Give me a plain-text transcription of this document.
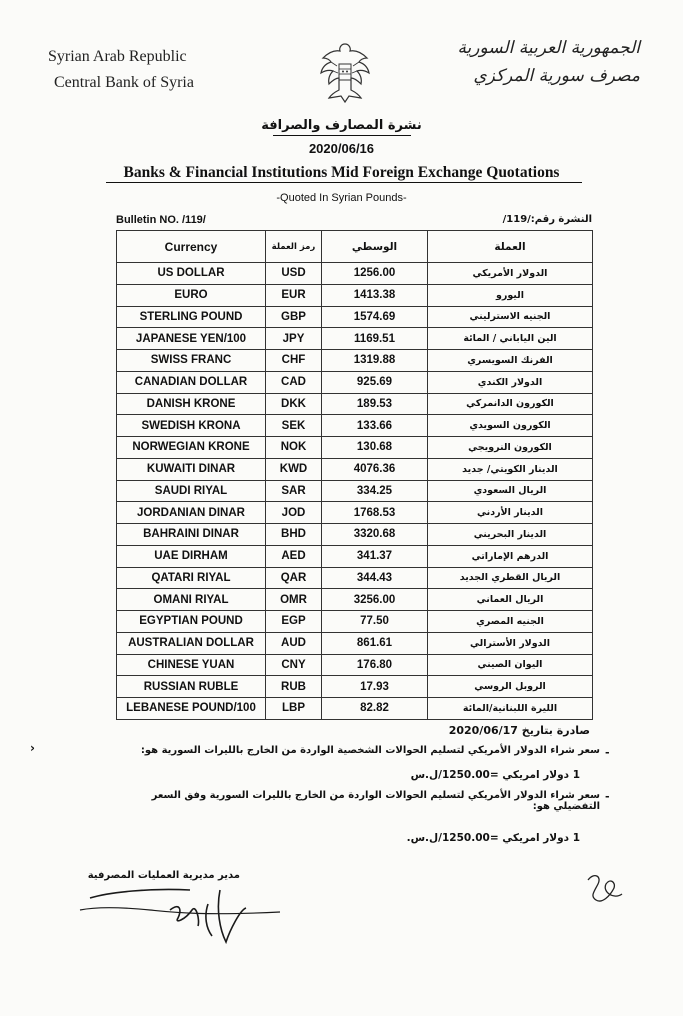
Syrian Arab Republic
Central Bank of Syria
الجمهورية العربية السورية
مصرف سورية المركزي
نشرة المصارف والصرافة
2020/06/16
Banks & Financial Institutions Mid Foreign Exchange Quotations
-Quoted In Syrian Pounds-
Bulletin NO. /119/	النشرة رقم:/119/
Currency	رمز العملة	الوسطي	العملة
US DOLLAR	USD	1256.00	الدولار الأمريكي
EURO	EUR	1413.38	اليورو
STERLING POUND	GBP	1574.69	الجنيه الاسترليني
JAPANESE YEN/100	JPY	1169.51	الين الياباني / المائة
SWISS FRANC	CHF	1319.88	الفرنك السويسري
CANADIAN DOLLAR	CAD	925.69	الدولار الكندي
DANISH KRONE	DKK	189.53	الكورون الدانمركي
SWEDISH KRONA	SEK	133.66	الكورون السويدي
NORWEGIAN KRONE	NOK	130.68	الكورون النرويجي
KUWAITI DINAR	KWD	4076.36	الدينار الكويتي/ جديد
SAUDI RIYAL	SAR	334.25	الريال السعودي
JORDANIAN DINAR	JOD	1768.53	الدينار الأردني
BAHRAINI DINAR	BHD	3320.68	الدينار البحريني
UAE DIRHAM	AED	341.37	الدرهم الإماراتي
QATARI RIYAL	QAR	344.43	الريال القطري الجديد
OMANI RIYAL	OMR	3256.00	الريال العماني
EGYPTIAN POUND	EGP	77.50	الجنيه المصري
AUSTRALIAN DOLLAR	AUD	861.61	الدولار الأسترالي
CHINESE YUAN	CNY	176.80	اليوان الصيني
RUSSIAN RUBLE	RUB	17.93	الروبل الروسي
LEBANESE POUND/100	LBP	82.82	الليرة اللبنانية/المائة
صادرة بتاريخ 2020/06/17
›	سعر شراء الدولار الأمريكي لتسليم الحوالات الشخصية الواردة من الخارج بالليرات السورية هو: -
1 دولار امريكي =1250.00/ل.س
سعر شراء الدولار الأمريكي لتسليم الحوالات الواردة من الخارج بالليرات السورية وفق السعر التفضيلي هو:
-
1 دولار امريكي =1250.00/ل.س.
مدير مديرية العمليات المصرفية
